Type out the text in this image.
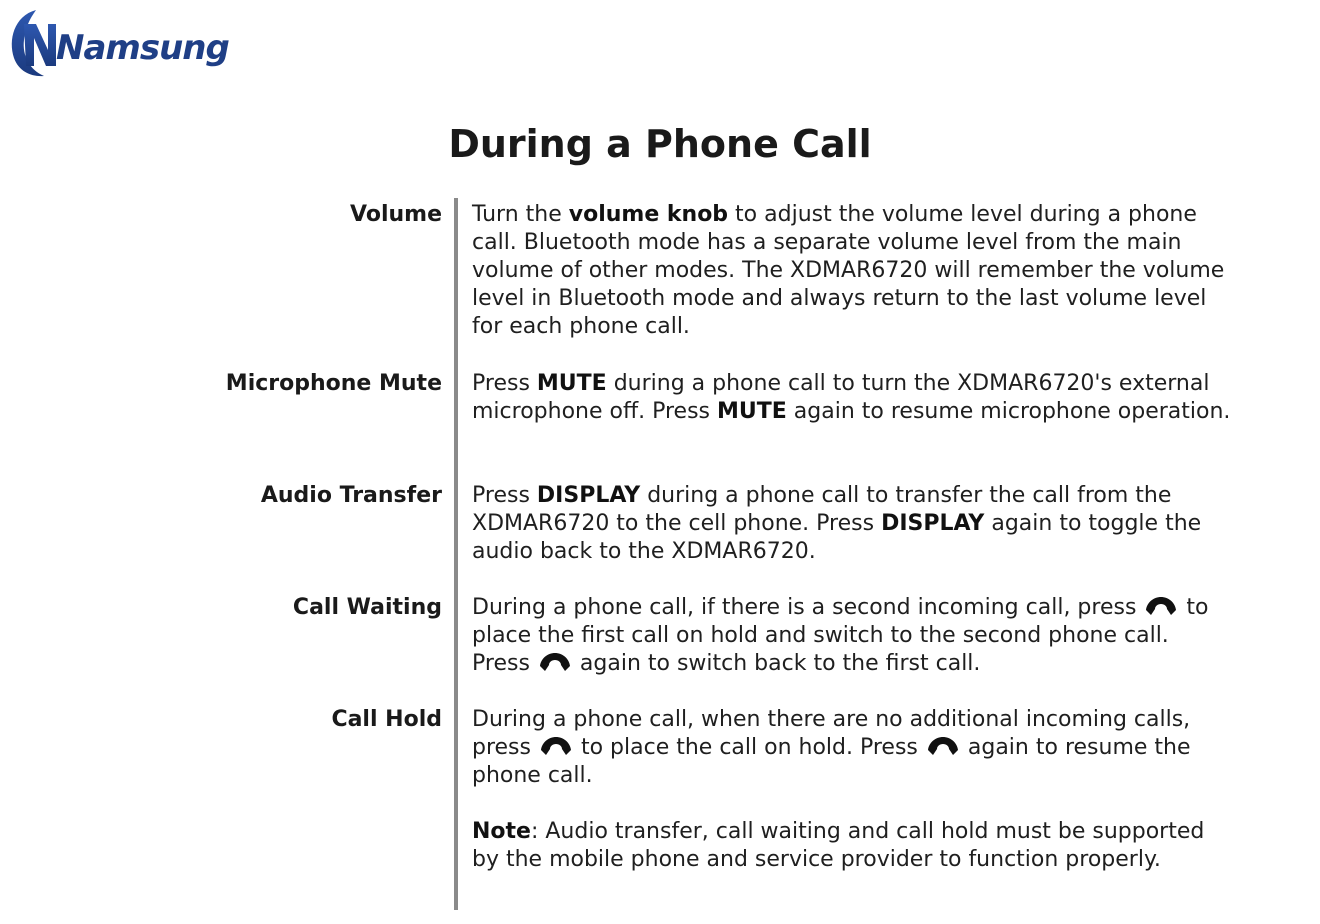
Namsung
During a Phone Call
Volume Turn the volume knob to adjust the volume level during a phone call. Bluetooth mode has a separate volume level from the main volume of other modes. The XDMAR6720 will remember the volume level in Bluetooth mode and always return to the last volume level for each phone call.
Microphone Mute Press MUTE during a phone call to turn the XDMAR6720's external microphone off. Press MUTE again to resume microphone operation.
Audio Transfer Press DISPLAY during a phone call to transfer the call from the XDMAR6720 to the cell phone. Press DISPLAY again to toggle the audio back to the XDMAR6720.
Call Waiting During a phone call, if there is a second incoming call, press  to place the first call on hold and switch to the second phone call. Press  again to switch back to the first call.
Call Hold During a phone call, when there are no additional incoming calls, press  to place the call on hold. Press  again to resume the phone call.
Note: Audio transfer, call waiting and call hold must be supported by the mobile phone and service provider to function properly.
